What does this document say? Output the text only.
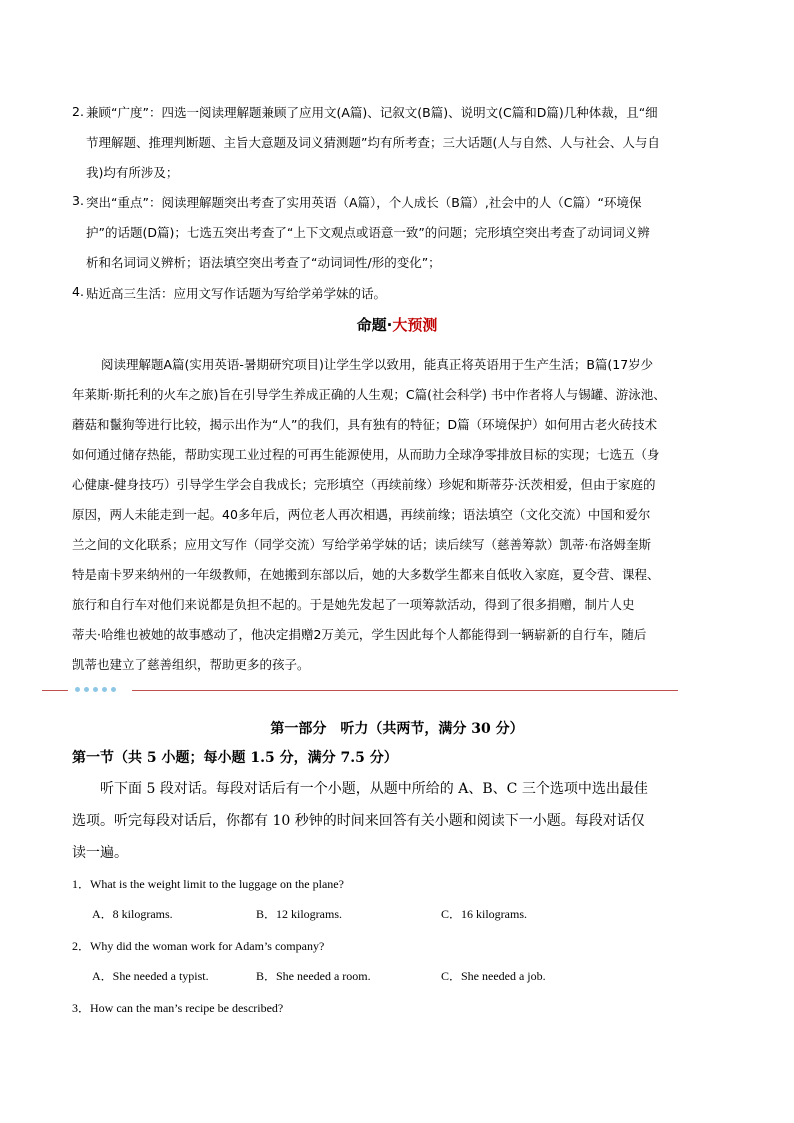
2. 兼顾“广度”：四选一阅读理解题兼顾了应用文(A篇)、记叙文(B篇)、说明文(C篇和D篇)几种体裁，且“细
节理解题、推理判断题、主旨大意题及词义猜测题”均有所考查；三大话题(人与自然、人与社会、人与自
我)均有所涉及；
3. 突出“重点”：阅读理解题突出考查了实用英语（A篇），个人成长（B篇）,社会中的人（C篇）“环境保
护”的话题(D篇)；七选五突出考查了“上下文观点或语意一致”的问题；完形填空突出考查了动词词义辨
析和名词词义辨析；语法填空突出考查了“动词词性/形的变化”；
4. 贴近高三生活：应用文写作话题为写给学弟学妹的话。
命题·大预测
阅读理解题A篇(实用英语-暑期研究项目)让学生学以致用，能真正将英语用于生产生活；B篇(17岁少
年莱斯·斯托利的火车之旅)旨在引导学生养成正确的人生观；C篇(社会科学) 书中作者将人与锡罐、游泳池、
蘑菇和鬣狗等进行比较，揭示出作为“人”的我们，具有独有的特征；D篇（环境保护）如何用古老火砖技术
如何通过储存热能，帮助实现工业过程的可再生能源使用，从而助力全球净零排放目标的实现；七选五（身
心健康-健身技巧）引导学生学会自我成长；完形填空（再续前缘）珍妮和斯蒂芬·沃茨相爱，但由于家庭的
原因，两人未能走到一起。40多年后，两位老人再次相遇，再续前缘；语法填空（文化交流）中国和爱尔
兰之间的文化联系；应用文写作（同学交流）写给学弟学妹的话；读后续写（慈善筹款）凯蒂·布洛姆奎斯
特是南卡罗来纳州的一年级教师，在她搬到东部以后，她的大多数学生都来自低收入家庭，夏令营、课程、
旅行和自行车对他们来说都是负担不起的。于是她先发起了一项筹款活动，得到了很多捐赠，制片人史
蒂夫·哈维也被她的故事感动了，他决定捐赠2万美元，学生因此每个人都能得到一辆崭新的自行车，随后
凯蒂也建立了慈善组织，帮助更多的孩子。
第一部分　听力（共两节，满分 30 分）
第一节（共 5 小题；每小题 1.5 分，满分 7.5 分）
听下面 5 段对话。每段对话后有一个小题，从题中所给的 A、B、C 三个选项中选出最佳
选项。听完每段对话后，你都有 10 秒钟的时间来回答有关小题和阅读下一小题。每段对话仅
读一遍。
1．What is the weight limit to the luggage on the plane?
A．8 kilograms.	B．12 kilograms.	C．16 kilograms.
2．Why did the woman work for Adam’s company?
A．She needed a typist.	B．She needed a room.	C．She needed a job.
3．How can the man’s recipe be described?
